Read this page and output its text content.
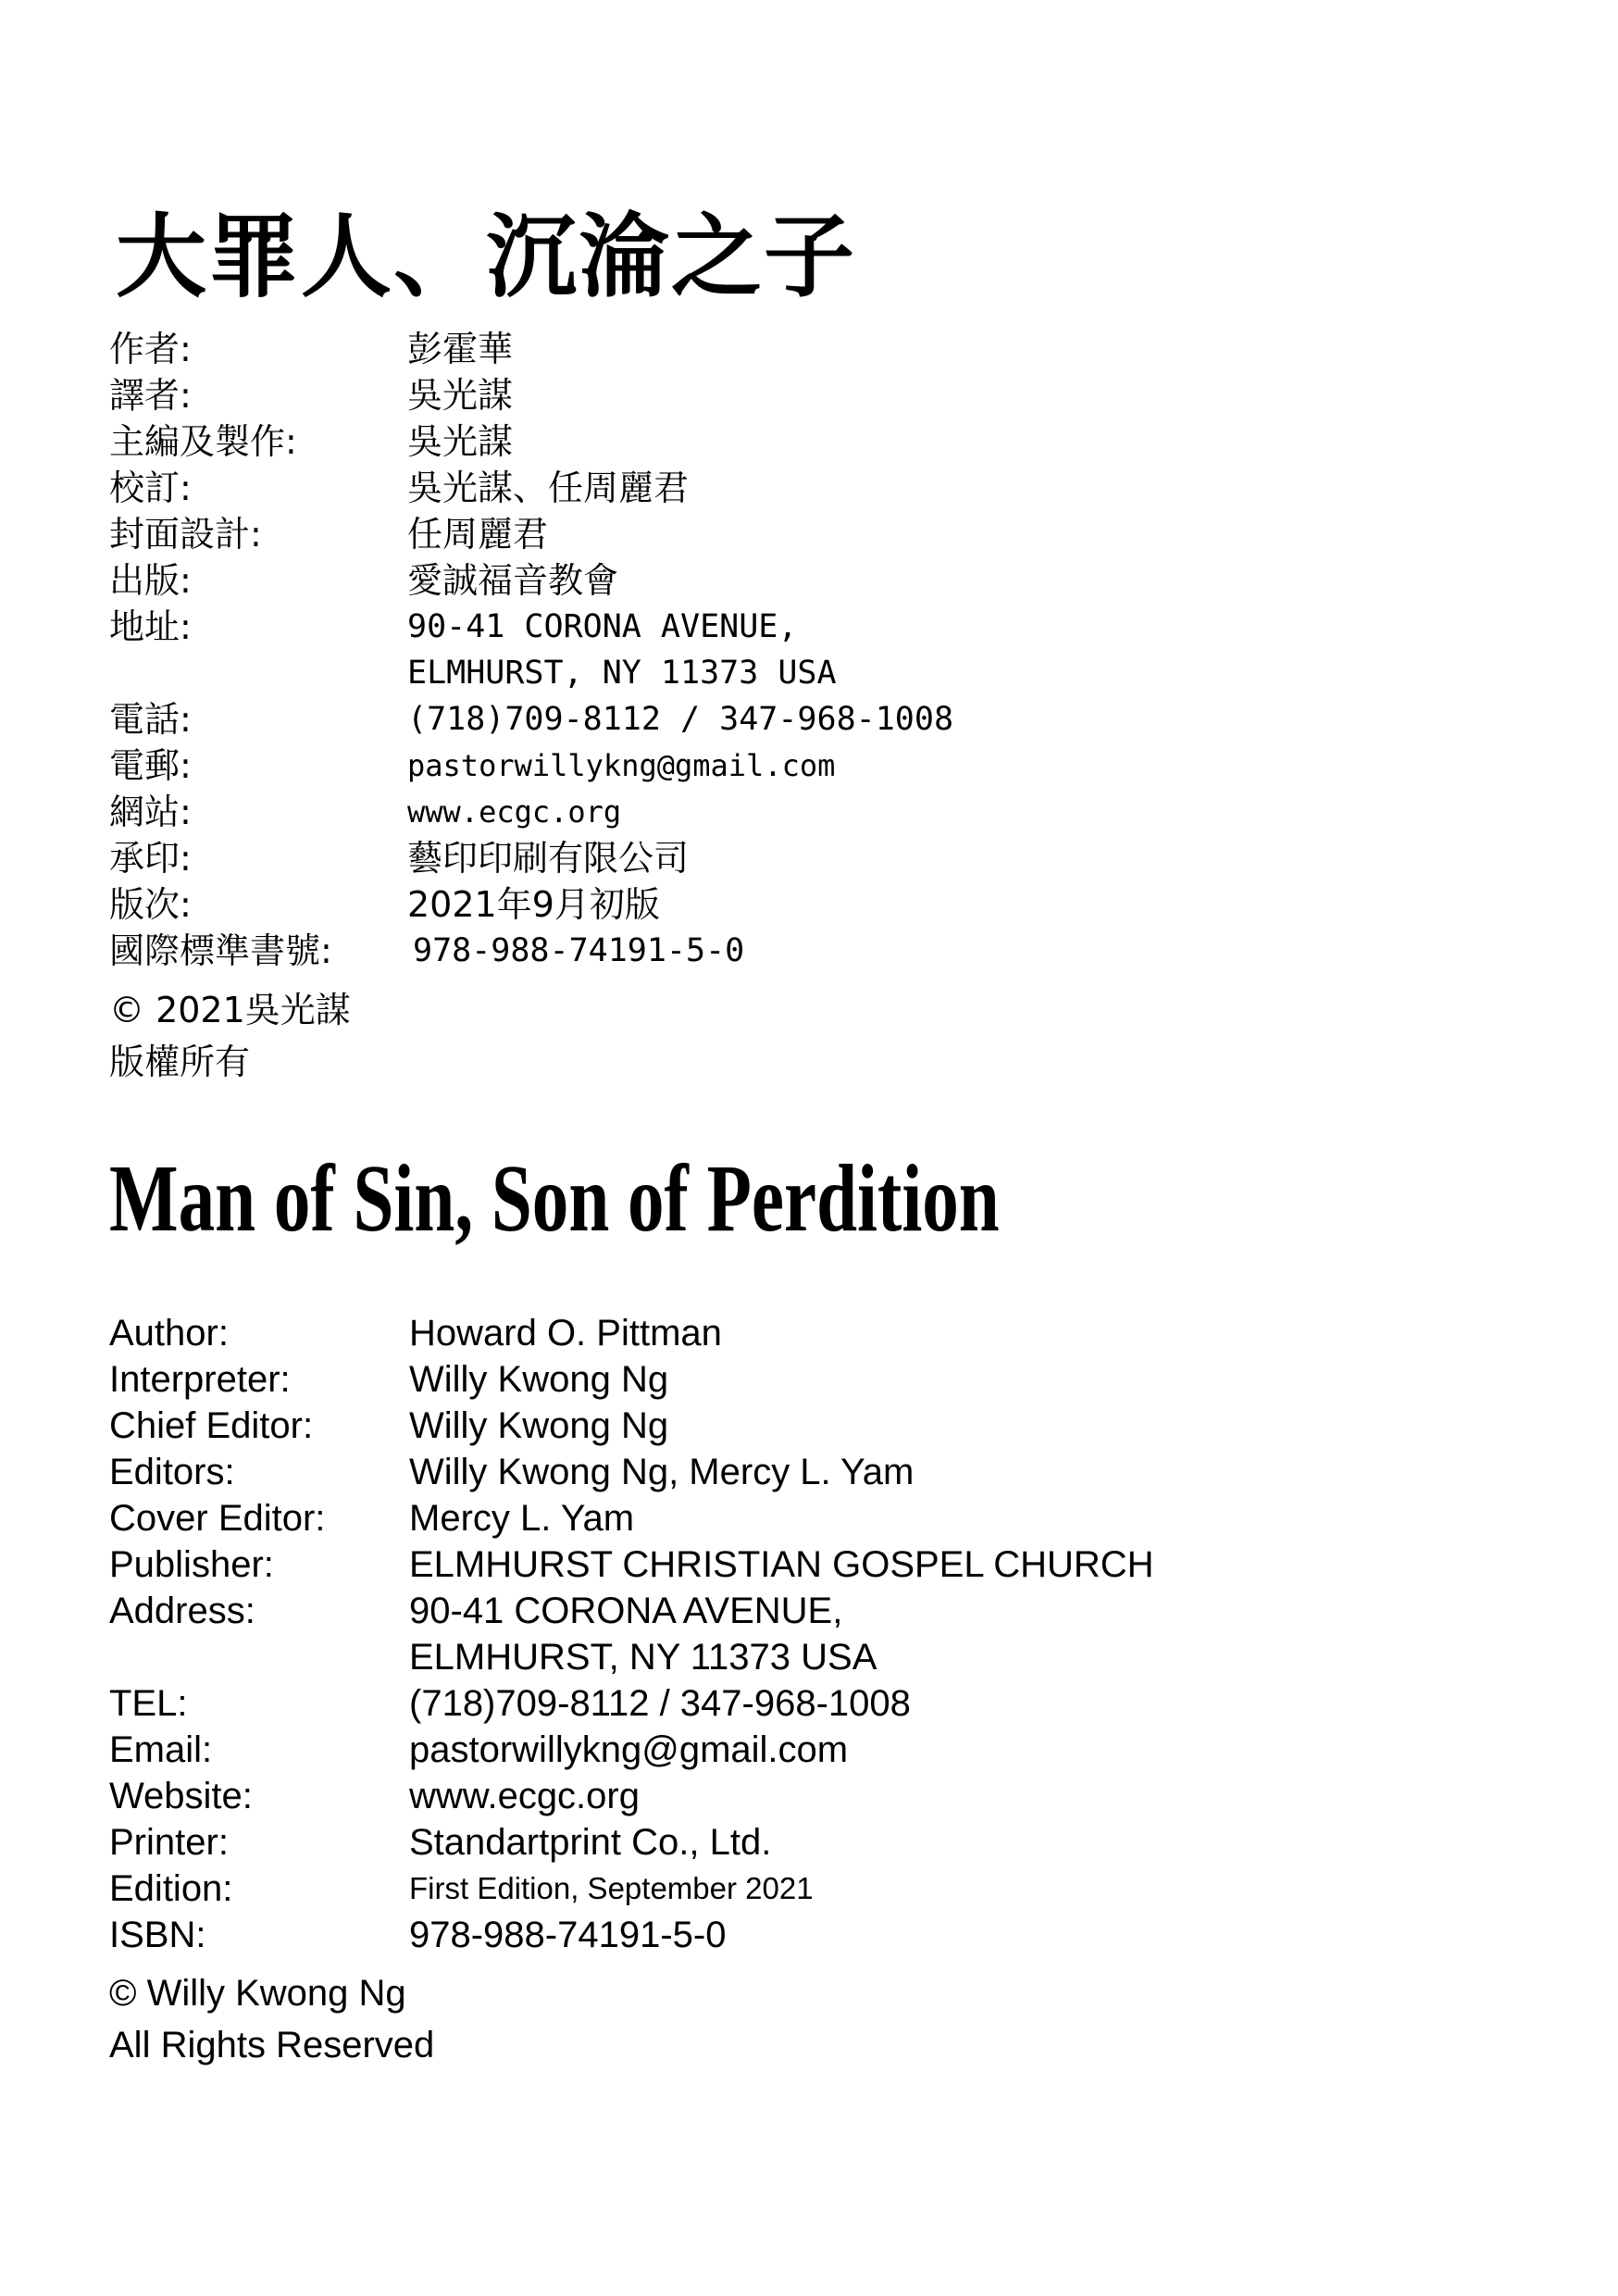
大罪人、沉淪之子
作者:	彭霍華
譯者:	吳光謀
主編及製作:	吳光謀
校訂:	吳光謀、任周麗君
封面設計:	任周麗君
出版:	愛誠福音教會
地址:	90-41 CORONA AVENUE,
ELMHURST, NY 11373 USA
電話:	(718)709-8112 / 347-968-1008
電郵:	pastorwillykng@gmail.com
網站:	www.ecgc.org
承印:	藝印印刷有限公司
版次:	2021年9月初版
國際標準書號: 978-988-74191-5-0
© 2021吳光謀
版權所有
Man of Sin, Son of Perdition
Author:	Howard O. Pittman
Interpreter:	Willy Kwong Ng
Chief Editor:	Willy Kwong Ng
Editors:	Willy Kwong Ng, Mercy L. Yam
Cover Editor: Mercy L. Yam
Publisher:	ELMHURST CHRISTIAN GOSPEL CHURCH
Address:	90-41 CORONA AVENUE,
ELMHURST, NY 11373 USA
TEL:	(718)709-8112 / 347-968-1008
Email:	pastorwillykng@gmail.com
Website:	www.ecgc.org
Printer:	Standartprint Co., Ltd.
Edition:	First Edition, September 2021
ISBN:	978-988-74191-5-0
© Willy Kwong Ng
All Rights Reserved
